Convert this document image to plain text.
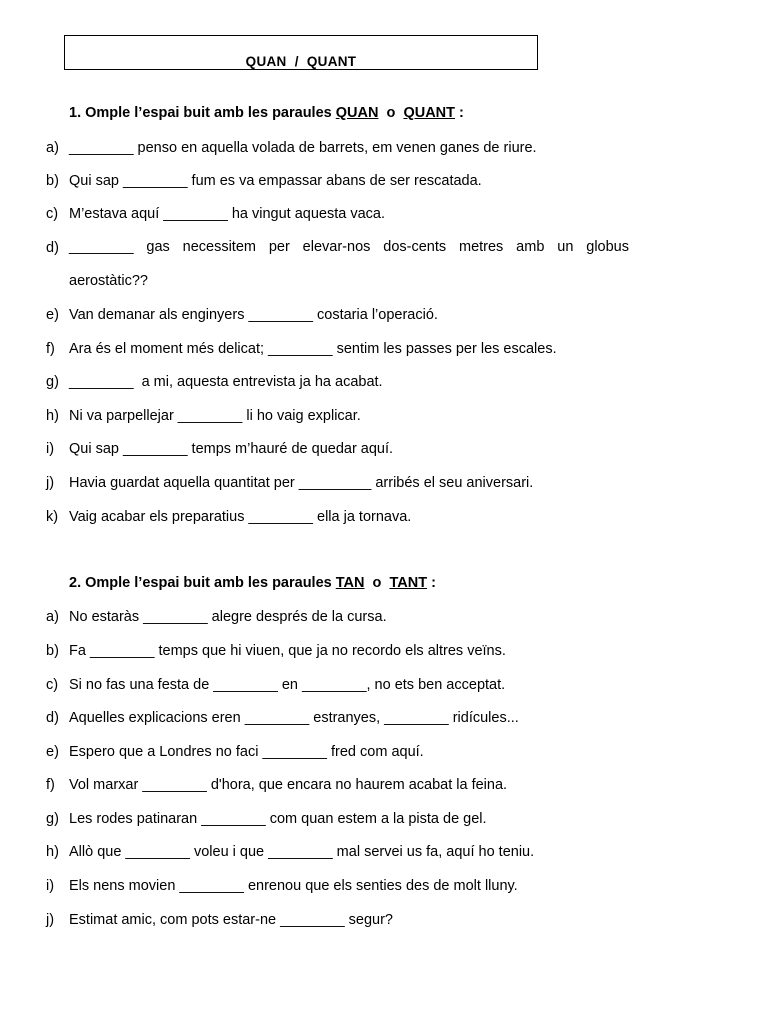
QUAN  /  QUANT
1. Omple l’espai buit amb les paraules QUAN  o  QUANT :
a) ________ penso en aquella volada de barrets, em venen ganes de riure.
b) Qui sap ________ fum es va empassar abans de ser rescatada.
c) M’estava aquí ________ ha vingut aquesta vaca.
d) ________ gas necessitem per elevar-nos dos-cents metres amb un globus aerostàtic??
e) Van demanar als enginyers ________ costaria l’operació.
f) Ara és el moment més delicat; ________ sentim les passes per les escales.
g) ________  a mi, aquesta entrevista ja ha acabat.
h) Ni va parpellejar ________ li ho vaig explicar.
i)	Qui sap ________ temps m’hauré de quedar aquí.
j)	Havia guardat aquella quantitat per _________ arribés el seu aniversari.
k) Vaig acabar els preparatius ________ ella ja tornava.
2. Omple l’espai buit amb les paraules TAN  o  TANT :
a) No estaràs ________ alegre després de la cursa.
b) Fa ________ temps que hi viuen, que ja no recordo els altres veïns.
c) Si no fas una festa de ________ en ________, no ets ben acceptat.
d) Aquelles explicacions eren ________ estranyes, ________ ridícules...
e) Espero que a Londres no faci ________ fred com aquí.
f) Vol marxar ________ d'hora, que encara no haurem acabat la feina.
g) Les rodes patinaran ________ com quan estem a la pista de gel.
h) Allò que ________ voleu i que ________ mal servei us fa, aquí ho teniu.
i)	Els nens movien ________ enrenou que els senties des de molt lluny.
j)	Estimat amic, com pots estar-ne ________ segur?
